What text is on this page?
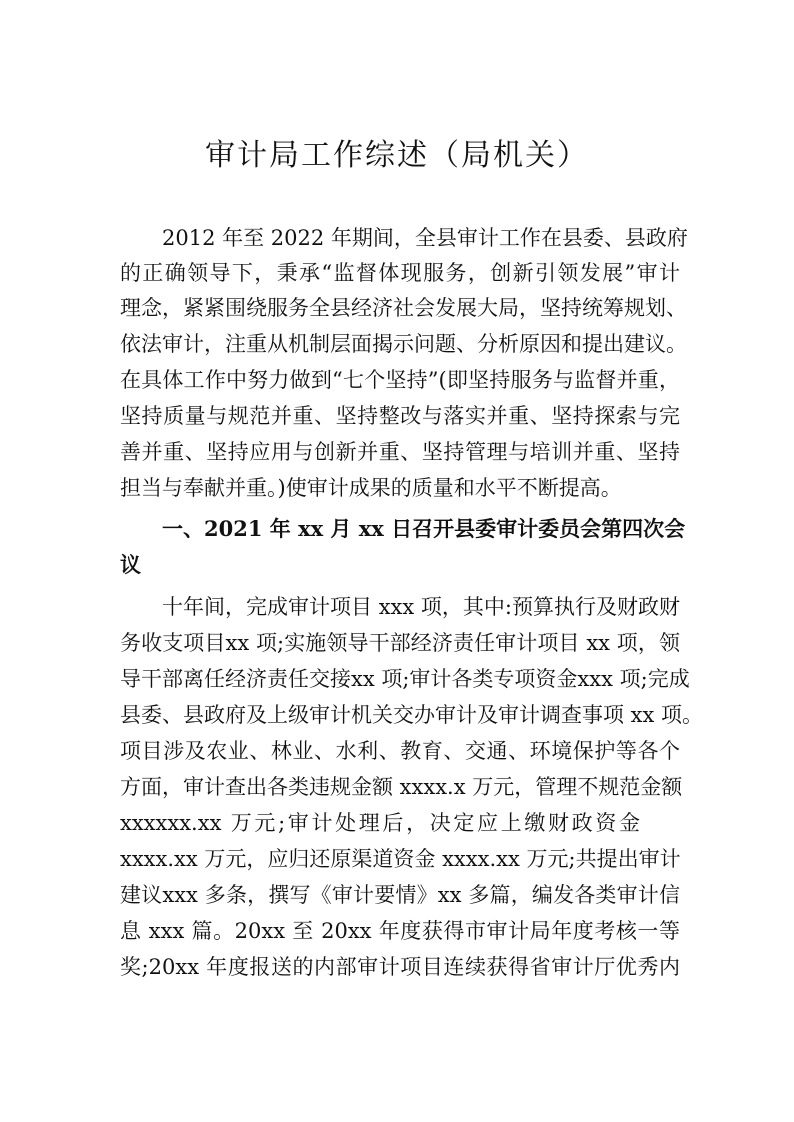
审计局工作综述（局机关）

　　2012 年至 2022 年期间，全县审计工作在县委、县政府

的正确领导下，秉承“监督体现服务，创新引领发展”审计

理念，紧紧围绕服务全县经济社会发展大局，坚持统筹规划、

依法审计，注重从机制层面揭示问题、分析原因和提出建议。

在具体工作中努力做到“七个坚持”(即坚持服务与监督并重，

坚持质量与规范并重、坚持整改与落实并重、坚持探索与完

善并重、坚持应用与创新并重、坚持管理与培训并重、坚持

担当与奉献并重。)使审计成果的质量和水平不断提高。

　　一、2021 年 xx 月 xx 日召开县委审计委员会第四次会

议

　　十年间，完成审计项目 xxx 项，其中:预算执行及财政财

务收支项目xx 项;实施领导干部经济责任审计项目 xx 项，领

导干部离任经济责任交接xx 项;审计各类专项资金xxx 项;完成

县委、县政府及上级审计机关交办审计及审计调查事项 xx 项。

项目涉及农业、林业、水利、教育、交通、环境保护等各个

方面，审计查出各类违规金额 xxxx.x 万元，管理不规范金额

xxxxxx.xx 万元;审计处理后，决定应上缴财政资金

xxxx.xx 万元，应归还原渠道资金 xxxx.xx 万元;共提出审计

建议xxx 多条，撰写《审计要情》xx 多篇，编发各类审计信

息 xxx 篇。20xx 至 20xx 年度获得市审计局年度考核一等

奖;20xx 年度报送的内部审计项目连续获得省审计厅优秀内
